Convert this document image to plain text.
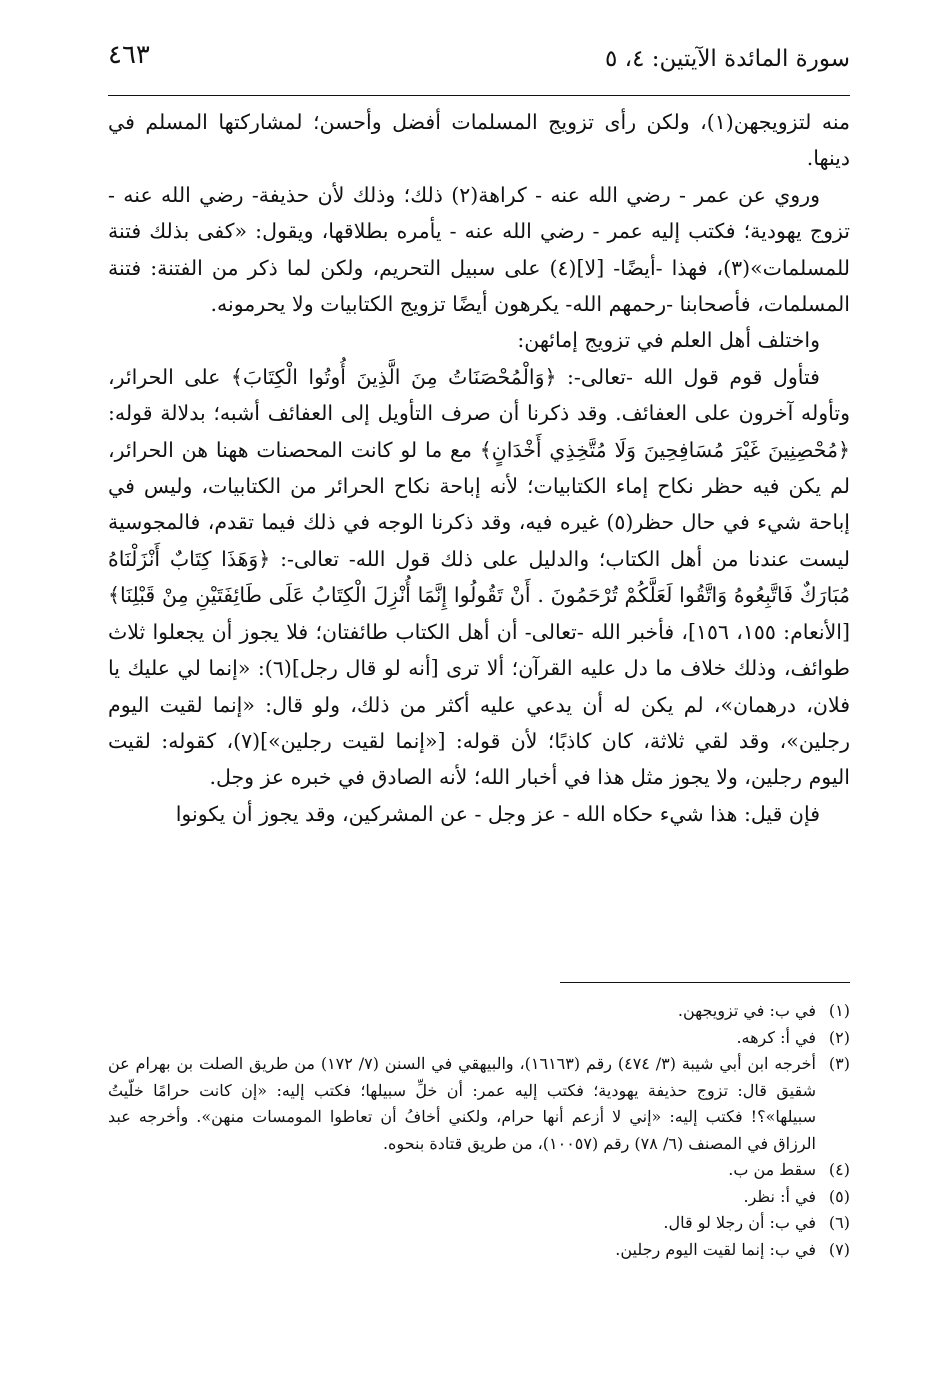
سورة المائدة الآيتين: ٤، ٥
٤٦٣

منه لتزويجهن(١)، ولكن رأى تزويج المسلمات أفضل وأحسن؛ لمشاركتها المسلم في دينها.

وروي عن عمر - رضي الله عنه - كراهة(٢) ذلك؛ وذلك لأن حذيفة- رضي الله عنه - تزوج يهودية؛ فكتب إليه عمر - رضي الله عنه - يأمره بطلاقها، ويقول: «كفى بذلك فتنة للمسلمات»(٣)، فهذا -أيضًا- [لا](٤) على سبيل التحريم، ولكن لما ذكر من الفتنة: فتنة المسلمات، فأصحابنا -رحمهم الله- يكرهون أيضًا تزويج الكتابيات ولا يحرمونه.

واختلف أهل العلم في تزويج إمائهن:

فتأول قوم قول الله -تعالى-: ﴿وَالْمُحْصَنَاتُ مِنَ الَّذِينَ أُوتُوا الْكِتَابَ﴾ على الحرائر، وتأوله آخرون على العفائف. وقد ذكرنا أن صرف التأويل إلى العفائف أشبه؛ بدلالة قوله: ﴿مُحْصِنِينَ غَيْرَ مُسَافِحِينَ وَلَا مُتَّخِذِي أَخْدَانٍ﴾ مع ما لو كانت المحصنات ههنا هن الحرائر، لم يكن فيه حظر نكاح إماء الكتابيات؛ لأنه إباحة نكاح الحرائر من الكتابيات، وليس في إباحة شيء في حال حظر(٥) غيره فيه، وقد ذكرنا الوجه في ذلك فيما تقدم، فالمجوسية ليست عندنا من أهل الكتاب؛ والدليل على ذلك قول الله- تعالى-: ﴿وَهَذَا كِتَابٌ أَنْزَلْنَاهُ مُبَارَكٌ فَاتَّبِعُوهُ وَاتَّقُوا لَعَلَّكُمْ تُرْحَمُونَ . أَنْ تَقُولُوا إِنَّمَا أُنْزِلَ الْكِتَابُ عَلَى طَائِفَتَيْنِ مِنْ قَبْلِنَا﴾ [الأنعام: ١٥٥، ١٥٦]، فأخبر الله -تعالى- أن أهل الكتاب طائفتان؛ فلا يجوز أن يجعلوا ثلاث طوائف، وذلك خلاف ما دل عليه القرآن؛ ألا ترى [أنه لو قال رجل](٦): «إنما لي عليك يا فلان، درهمان»، لم يكن له أن يدعي عليه أكثر من ذلك، ولو قال: «إنما لقيت اليوم رجلين»، وقد لقي ثلاثة، كان كاذبًا؛ لأن قوله: [«إنما لقيت رجلين»](٧)، كقوله: لقيت اليوم رجلين، ولا يجوز مثل هذا في أخبار الله؛ لأنه الصادق في خبره عز وجل.

فإن قيل: هذا شيء حكاه الله - عز وجل - عن المشركين، وقد يجوز أن يكونوا

(١)
في ب: في تزويجهن.
(٢)
في أ: كرهه.
(٣)
أخرجه ابن أبي شيبة (٣/ ٤٧٤) رقم (١٦١٦٣)، والبيهقي في السنن (٧/ ١٧٢) من طريق الصلت بن بهرام عن شقيق قال: تزوج حذيفة يهودية؛ فكتب إليه عمر: أن خلِّ سبيلها؛ فكتب إليه: «إن كانت حرامًا خلّيتُ سبيلها»؟! فكتب إليه: «إني لا أزعم أنها حرام، ولكني أخافُ أن تعاطوا المومسات منهن». وأخرجه عبد الرزاق في المصنف (٦/ ٧٨) رقم (١٠٠٥٧)، من طريق قتادة بنحوه.
(٤)
سقط من ب.
(٥)
في أ: نظر.
(٦)
في ب: أن رجلا لو قال.
(٧)
في ب: إنما لقيت اليوم رجلين.
